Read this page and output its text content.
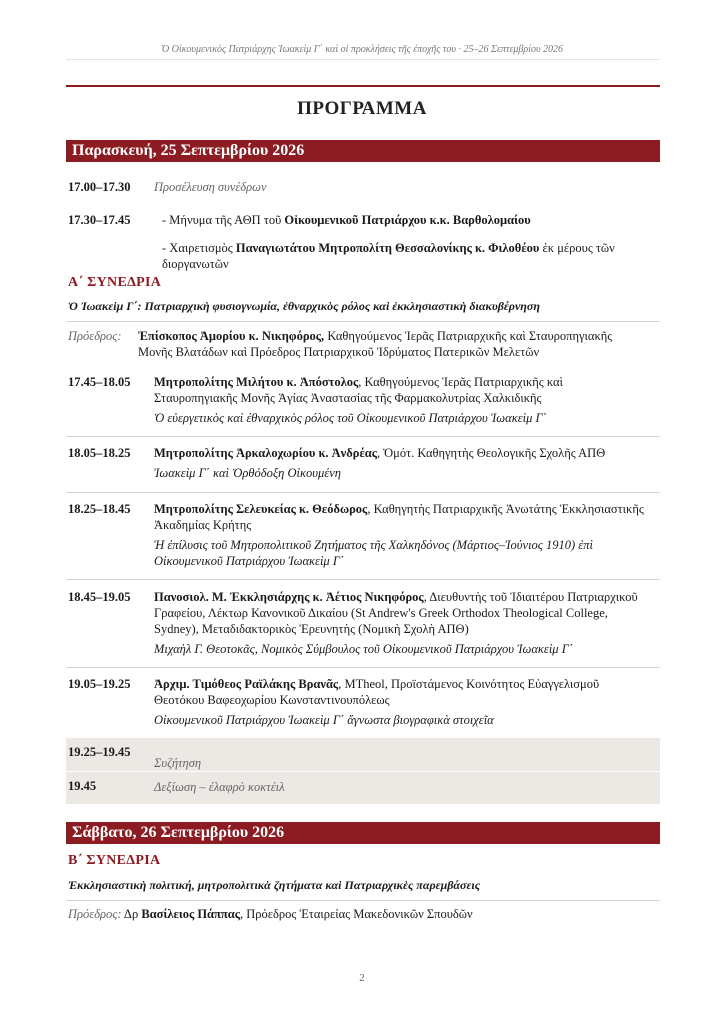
Ὁ Οἰκουμενικὸς Πατριάρχης Ἰωακεὶμ Γ΄ καὶ οἱ προκλήσεις τῆς ἐποχῆς του · 25–26 Σεπτεμβρίου 2026
ΠΡΟΓΡΑΜΜΑ
Παρασκευή, 25 Σεπτεμβρίου 2026
17.00–17.30 Προσέλευση συνέδρων
17.30–17.45	- Μήνυμα τῆς ΑΘΠ τοῦ Οἰκουμενικοῦ Πατριάρχου κ.κ. Βαρθολομαίου
- Χαιρετισμὸς Παναγιωτάτου Μητροπολίτη Θεσσαλονίκης κ. Φιλοθέου ἐκ μέρους τῶν
διοργανωτῶν
Α΄ ΣΥΝΕΔΡΙΑ
Ὁ Ἰωακεὶμ Γ΄: Πατριαρχικὴ φυσιογνωμία, ἐθναρχικὸς ρόλος καὶ ἐκκλησιαστικὴ διακυβέρνηση
Πρόεδρος: Ἐπίσκοπος Ἀμορίου κ. Νικηφόρος, Καθηγούμενος Ἱερᾶς Πατριαρχικῆς καὶ Σταυροπηγιακῆς
Μονῆς Βλατάδων καὶ Πρόεδρος Πατριαρχικοῦ Ἱδρύματος Πατερικῶν Μελετῶν
17.45–18.05 Μητροπολίτης Μιλήτου κ. Ἀπόστολος, Καθηγούμενος Ἱερᾶς Πατριαρχικῆς καὶ
Σταυροπηγιακῆς Μονῆς Ἁγίας Ἀναστασίας τῆς Φαρμακολυτρίας Χαλκιδικῆς
Ὁ εὐεργετικὸς καὶ ἐθναρχικὸς ρόλος τοῦ Οἰκουμενικοῦ Πατριάρχου Ἰωακεὶμ Γ΄
18.05–18.25 Μητροπολίτης Ἀρκαλοχωρίου κ. Ἀνδρέας, Ὁμότ. Καθηγητὴς Θεολογικῆς Σχολῆς ΑΠΘ
Ἰωακεὶμ Γ΄ καὶ Ὀρθόδοξη Οἰκουμένη
18.25–18.45 Μητροπολίτης Σελευκείας κ. Θεόδωρος, Καθηγητὴς Πατριαρχικῆς Ἀνωτάτης Ἐκκλησιαστικῆς
Ἀκαδημίας Κρήτης
Ἡ ἐπίλυσις τοῦ Μητροπολιτικοῦ Ζητήματος τῆς Χαλκηδόνος (Μάρτιος–Ἰούνιος 1910) ἐπὶ
Οἰκουμενικοῦ Πατριάρχου Ἰωακεὶμ Γ΄
18.45–19.05 Πανοσιολ. Μ. Ἐκκλησιάρχης κ. Ἀέτιος Νικηφόρος, Διευθυντὴς τοῦ Ἰδιαιτέρου Πατριαρχικοῦ
Γραφείου, Λέκτωρ Κανονικοῦ Δικαίου (St Andrew's Greek Orthodox Theological College,
Sydney), Μεταδιδακτορικὸς Ἐρευνητὴς (Νομικὴ Σχολὴ ΑΠΘ)
Μιχαὴλ Γ. Θεοτοκᾶς, Νομικὸς Σύμβουλος τοῦ Οἰκουμενικοῦ Πατριάρχου Ἰωακεὶμ Γ΄
19.05–19.25 Ἀρχιμ. Τιμόθεος Ραϊλάκης Βρανᾶς, MTheol, Προϊστάμενος Κοινότητος Εὐαγγελισμοῦ
Θεοτόκου Βαφεοχωρίου Κωνσταντινουπόλεως
Οἰκουμενικοῦ Πατριάρχου Ἰωακεὶμ Γ΄ ἄγνωστα βιογραφικὰ στοιχεῖα
19.25–19.45
Συζήτηση
19.45	Δεξίωση – ἐλαφρὸ κοκτέιλ
Σάββατο, 26 Σεπτεμβρίου 2026
Β΄ ΣΥΝΕΔΡΙΑ
Ἐκκλησιαστικὴ πολιτική, μητροπολιτικὰ ζητήματα καὶ Πατριαρχικὲς παρεμβάσεις
Πρόεδρος: Δρ Βασίλειος Πάππας, Πρόεδρος Ἑταιρείας Μακεδονικῶν Σπουδῶν
2
